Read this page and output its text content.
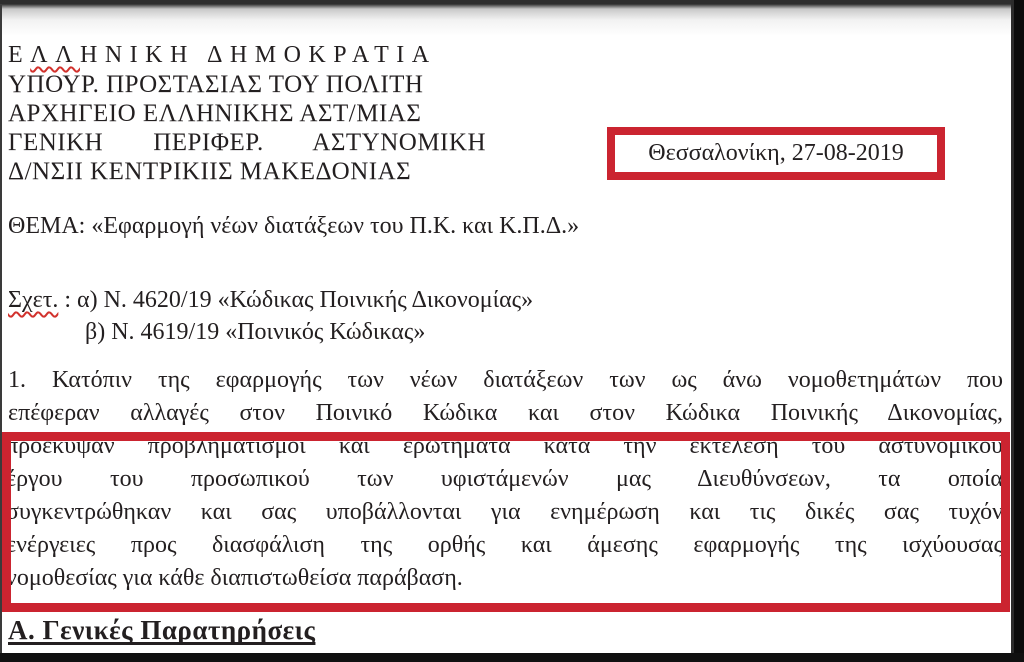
ΕΛΛΗΝΙΚΗ ΔΗΜΟΚΡΑΤΙΑ
ΥΠΟΥΡ. ΠΡΟΣΤΑΣΙΑΣ ΤΟΥ ΠΟΛΙΤΗ
ΑΡΧΗΓΕΙΟ ΕΛΛΗΝΙΚΗΣ ΑΣΤ/ΜΙΑΣ
ΓΕΝΙΚΗ ΠΕΡΙΦΕΡ. ΑΣΤΥΝΟΜΙΚΗ
Δ/ΝΣΙΙ ΚΕΝΤΡΙΚΙΙΣ ΜΑΚΕΔΟΝΙΑΣ
Θεσσαλονίκη, 27-08-2019
ΘΕΜΑ: «Εφαρμογή νέων διατάξεων του Π.Κ. και Κ.Π.Δ.»
Σχετ. : α) Ν. 4620/19 «Κώδικας Ποινικής Δικονομίας»
β) Ν. 4619/19 «Ποινικός Κώδικας»
1. Κατόπιν της εφαρμογής των νέων διατάξεων των ως άνω νομοθετημάτων που
επέφεραν αλλαγές στον Ποινικό Κώδικα και στον Κώδικα Ποινικής Δικονομίας,
προέκυψαν προβληματισμοί και ερωτήματα κατά την εκτέλεση του αστυνομικού
έργου του προσωπικού των υφιστάμενών μας Διευθύνσεων, τα οποία
συγκεντρώθηκαν και σας υποβάλλονται για ενημέρωση και τις δικές σας τυχόν
ενέργειες προς διασφάλιση της ορθής και άμεσης εφαρμογής της ισχύουσας
νομοθεσίας για κάθε διαπιστωθείσα παράβαση.
Α. Γενικές Παρατηρήσεις
